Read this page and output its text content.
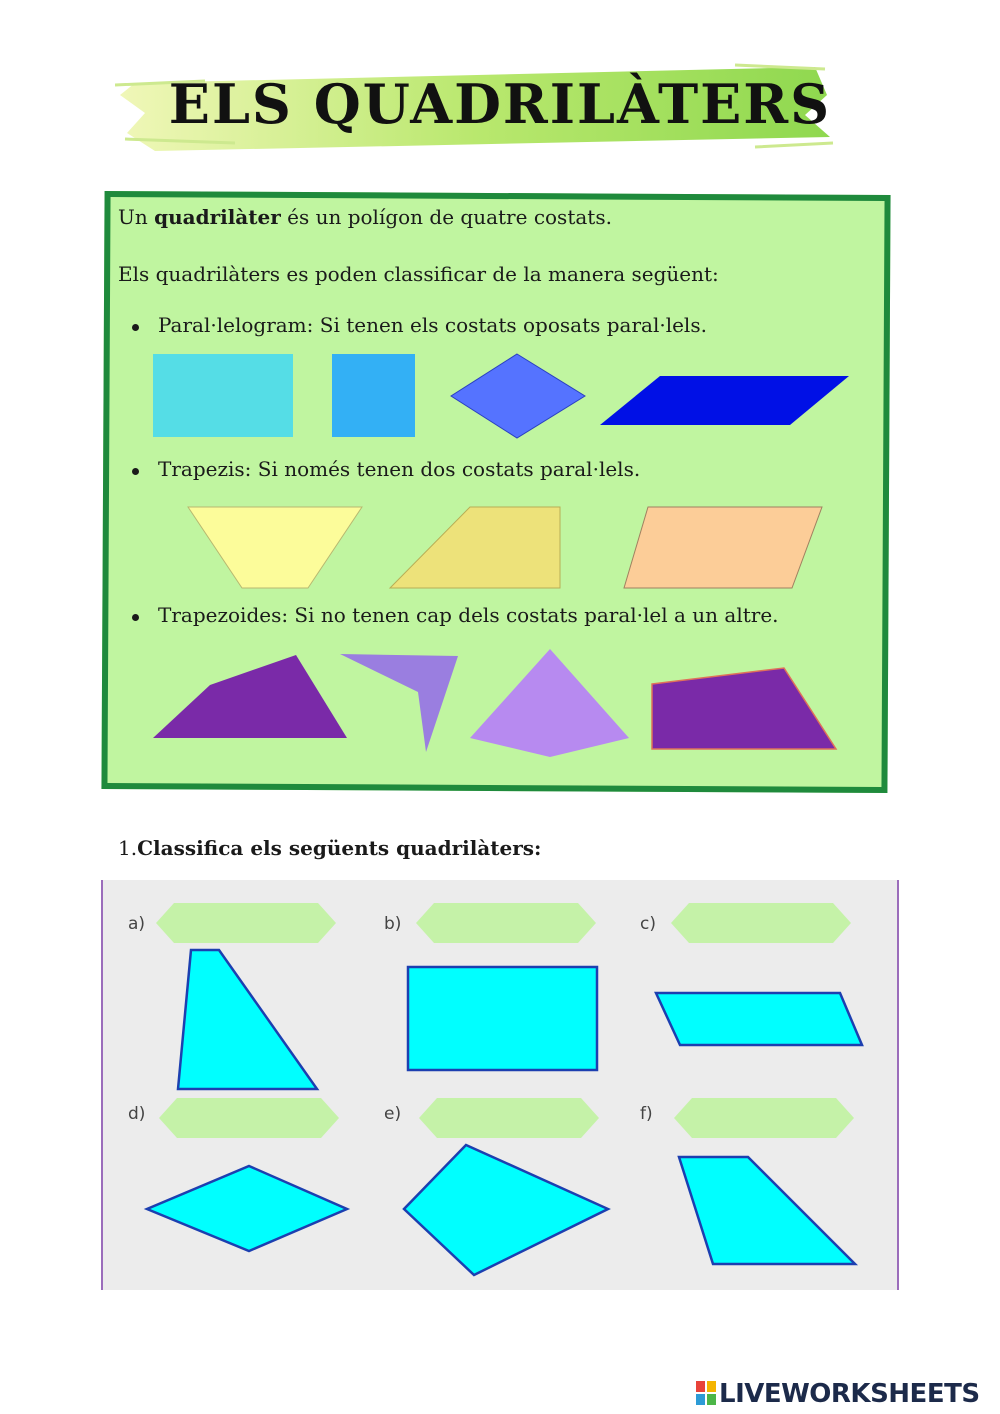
ELS QUADRILÀTERS
Un quadrilàter és un polígon de quatre costats.
Els quadrilàters es poden classificar de la manera següent:
Paral·lelogram: Si tenen els costats oposats paral·lels.
Trapezis: Si només tenen dos costats paral·lels.
Trapezoides: Si no tenen cap dels costats paral·lel a un altre.
1.Classifica els següents quadrilàters:
a)	b)	c)
d)	e)	f)
LIVEWORKSHEETS
